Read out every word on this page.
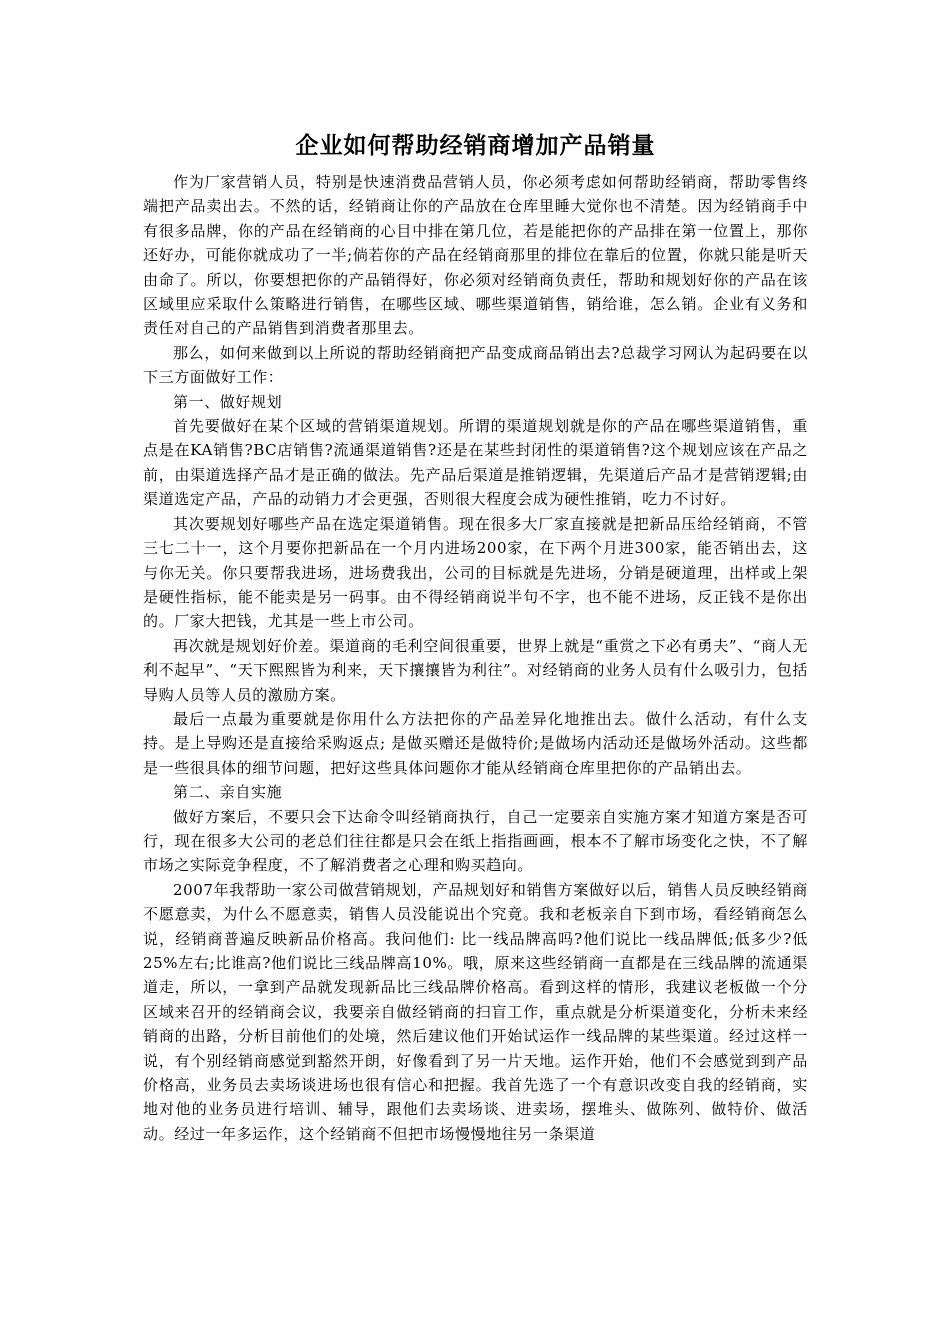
企业如何帮助经销商增加产品销量

作为厂家营销人员，特别是快速消费品营销人员，你必须考虑如何帮助经销商，帮助零售终端把产品卖出去。不然的话，经销商让你的产品放在仓库里睡大觉你也不清楚。因为经销商手中有很多品牌，你的产品在经销商的心目中排在第几位，若是能把你的产品排在第一位置上，那你还好办，可能你就成功了一半;倘若你的产品在经销商那里的排位在靠后的位置，你就只能是听天由命了。所以，你要想把你的产品销得好，你必须对经销商负责任，帮助和规划好你的产品在该区域里应采取什么策略进行销售，在哪些区域、哪些渠道销售，销给谁，怎么销。企业有义务和责任对自己的产品销售到消费者那里去。

那么，如何来做到以上所说的帮助经销商把产品变成商品销出去?总裁学习网认为起码要在以下三方面做好工作：

第一、做好规划

首先要做好在某个区域的营销渠道规划。所谓的渠道规划就是你的产品在哪些渠道销售，重点是在KA销售?BC店销售?流通渠道销售?还是在某些封闭性的渠道销售?这个规划应该在产品之前，由渠道选择产品才是正确的做法。先产品后渠道是推销逻辑，先渠道后产品才是营销逻辑;由渠道选定产品，产品的动销力才会更强，否则很大程度会成为硬性推销，吃力不讨好。

其次要规划好哪些产品在选定渠道销售。现在很多大厂家直接就是把新品压给经销商，不管三七二十一，这个月要你把新品在一个月内进场200家，在下两个月进300家，能否销出去，这与你无关。你只要帮我进场，进场费我出，公司的目标就是先进场，分销是硬道理，出样或上架是硬性指标，能不能卖是另一码事。由不得经销商说半句不字，也不能不进场，反正钱不是你出的。厂家大把钱，尤其是一些上市公司。

再次就是规划好价差。渠道商的毛利空间很重要，世界上就是“重赏之下必有勇夫”、“商人无利不起早”、“天下熙熙皆为利来，天下攘攘皆为利往”。对经销商的业务人员有什么吸引力，包括导购人员等人员的激励方案。

最后一点最为重要就是你用什么方法把你的产品差异化地推出去。做什么活动，有什么支持。是上导购还是直接给采购返点; 是做买赠还是做特价;是做场内活动还是做场外活动。这些都是一些很具体的细节问题，把好这些具体问题你才能从经销商仓库里把你的产品销出去。

第二、亲自实施

做好方案后，不要只会下达命令叫经销商执行，自己一定要亲自实施方案才知道方案是否可行，现在很多大公司的老总们往往都是只会在纸上指指画画，根本不了解市场变化之快，不了解市场之实际竞争程度，不了解消费者之心理和购买趋向。

2007年我帮助一家公司做营销规划，产品规划好和销售方案做好以后，销售人员反映经销商不愿意卖，为什么不愿意卖，销售人员没能说出个究竟。我和老板亲自下到市场，看经销商怎么说，经销商普遍反映新品价格高。我问他们: 比一线品牌高吗?他们说比一线品牌低;低多少?低25%左右;比谁高?他们说比三线品牌高10%。哦，原来这些经销商一直都是在三线品牌的流通渠道走，所以，一拿到产品就发现新品比三线品牌价格高。看到这样的情形，我建议老板做一个分区域来召开的经销商会议，我要亲自做经销商的扫盲工作，重点就是分析渠道变化，分析未来经销商的出路，分析目前他们的处境，然后建议他们开始试运作一线品牌的某些渠道。经过这样一说，有个别经销商感觉到豁然开朗，好像看到了另一片天地。运作开始，他们不会感觉到到产品价格高，业务员去卖场谈进场也很有信心和把握。我首先选了一个有意识改变自我的经销商，实地对他的业务员进行培训、辅导，跟他们去卖场谈、进卖场，摆堆头、做陈列、做特价、做活动。经过一年多运作，这个经销商不但把市场慢慢地往另一条渠道
